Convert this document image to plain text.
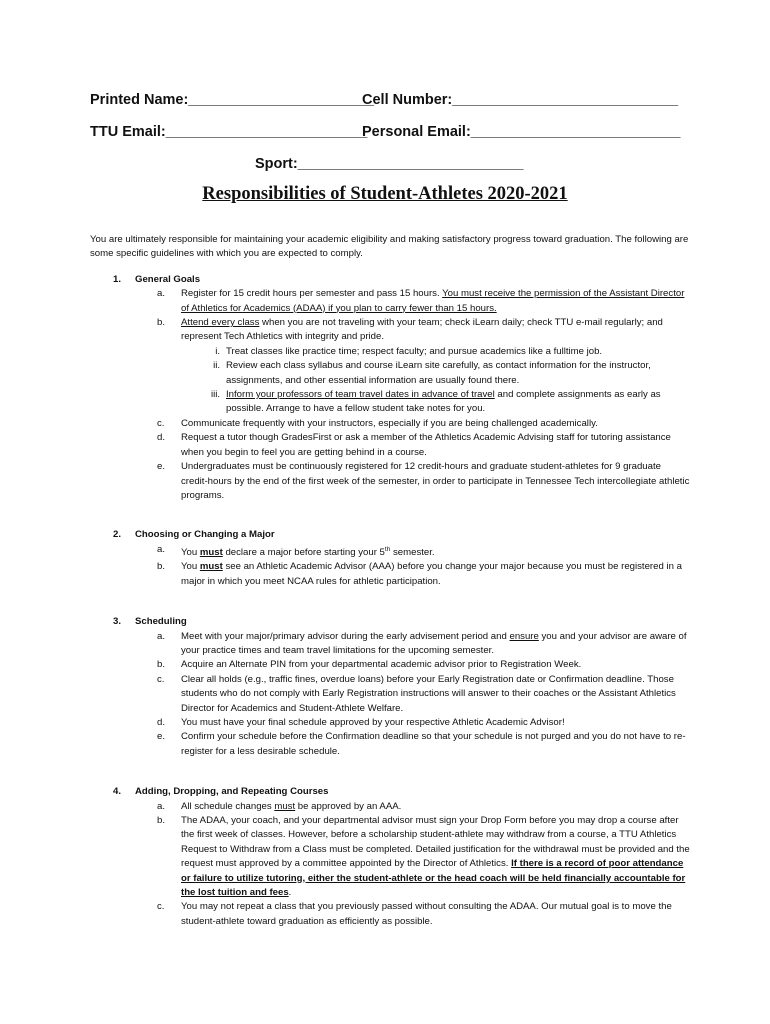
Printed Name:_______________________
Cell Number:____________________________
TTU Email:_________________________
Personal Email:__________________________
Sport:____________________________
Responsibilities of Student-Athletes 2020-2021

You are ultimately responsible for maintaining your academic eligibility and making satisfactory progress toward graduation. The following are some specific guidelines with which you are expected to comply.

1. General Goals
a. Register for 15 credit hours per semester and pass 15 hours. You must receive the permission of the Assistant Director of Athletics for Academics (ADAA) if you plan to carry fewer than 15 hours.
b. Attend every class when you are not traveling with your team; check iLearn daily; check TTU e-mail regularly; and represent Tech Athletics with integrity and pride.
i. Treat classes like practice time; respect faculty; and pursue academics like a fulltime job.
ii. Review each class syllabus and course iLearn site carefully, as contact information for the instructor, assignments, and other essential information are usually found there.
iii. Inform your professors of team travel dates in advance of travel and complete assignments as early as possible. Arrange to have a fellow student take notes for you.
c. Communicate frequently with your instructors, especially if you are being challenged academically.
d. Request a tutor though GradesFirst or ask a member of the Athletics Academic Advising staff for tutoring assistance when you begin to feel you are getting behind in a course.
e. Undergraduates must be continuously registered for 12 credit-hours and graduate student-athletes for 9 graduate credit-hours by the end of the first week of the semester, in order to participate in Tennessee Tech intercollegiate athletic programs.
2. Choosing or Changing a Major
a. You must declare a major before starting your 5th semester.
b. You must see an Athletic Academic Advisor (AAA) before you change your major because you must be registered in a major in which you meet NCAA rules for athletic participation.
3. Scheduling
a. Meet with your major/primary advisor during the early advisement period and ensure you and your advisor are aware of your practice times and team travel limitations for the upcoming semester.
b. Acquire an Alternate PIN from your departmental academic advisor prior to Registration Week.
c. Clear all holds (e.g., traffic fines, overdue loans) before your Early Registration date or Confirmation deadline. Those students who do not comply with Early Registration instructions will answer to their coaches or the Assistant Athletics Director for Academics and Student-Athlete Welfare.
d. You must have your final schedule approved by your respective Athletic Academic Advisor!
e. Confirm your schedule before the Confirmation deadline so that your schedule is not purged and you do not have to re-register for a less desirable schedule.
4. Adding, Dropping, and Repeating Courses
a. All schedule changes must be approved by an AAA.
b. The ADAA, your coach, and your departmental advisor must sign your Drop Form before you may drop a course after the first week of classes. However, before a scholarship student-athlete may withdraw from a course, a TTU Athletics Request to Withdraw from a Class must be completed. Detailed justification for the withdrawal must be provided and the request must approved by a committee appointed by the Director of Athletics. If there is a record of poor attendance or failure to utilize tutoring, either the student-athlete or the head coach will be held financially accountable for the lost tuition and fees.
c. You may not repeat a class that you previously passed without consulting the ADAA. Our mutual goal is to move the student-athlete toward graduation as efficiently as possible.
